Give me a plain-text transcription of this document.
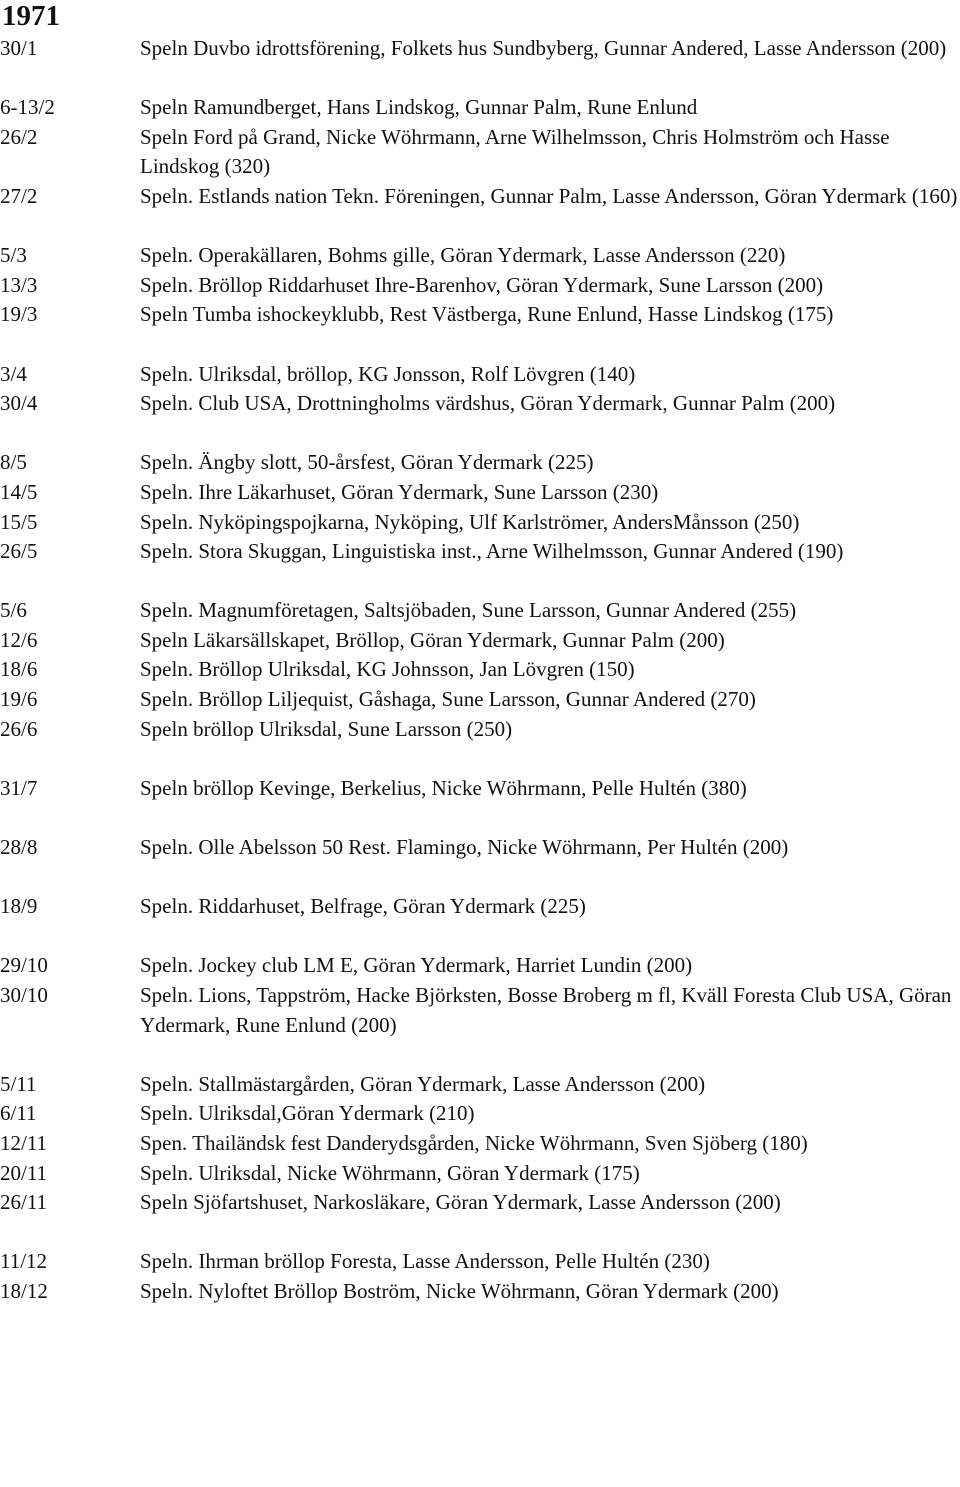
1971
30/1	Speln Duvbo idrottsförening, Folkets hus Sundbyberg, Gunnar Andered, Lasse Andersson (200)
6-13/2	Speln Ramundberget, Hans Lindskog, Gunnar Palm, Rune Enlund
26/2	Speln Ford på Grand, Nicke Wöhrmann, Arne Wilhelmsson, Chris Holmström och Hasse Lindskog (320)
27/2	Speln. Estlands nation Tekn. Föreningen, Gunnar Palm, Lasse Andersson, Göran Ydermark (160)
5/3	Speln. Operakällaren, Bohms gille, Göran Ydermark, Lasse Andersson (220)
13/3	Speln. Bröllop Riddarhuset Ihre-Barenhov, Göran Ydermark, Sune Larsson (200)
19/3	Speln Tumba ishockeyklubb, Rest Västberga, Rune Enlund, Hasse Lindskog (175)
3/4	Speln. Ulriksdal, bröllop, KG Jonsson, Rolf Lövgren (140)
30/4	Speln. Club USA, Drottningholms värdshus, Göran Ydermark, Gunnar Palm (200)
8/5	Speln. Ängby slott, 50-årsfest, Göran Ydermark (225)
14/5	Speln. Ihre Läkarhuset, Göran Ydermark, Sune Larsson (230)
15/5	Speln. Nyköpingspojkarna, Nyköping, Ulf Karlströmer, AndersMånsson (250)
26/5	Speln. Stora Skuggan, Linguistiska inst., Arne Wilhelmsson, Gunnar Andered (190)
5/6	Speln. Magnumföretagen, Saltsjöbaden, Sune Larsson, Gunnar Andered (255)
12/6	Speln Läkarsällskapet, Bröllop, Göran Ydermark, Gunnar Palm (200)
18/6	Speln. Bröllop Ulriksdal, KG Johnsson, Jan Lövgren (150)
19/6	Speln. Bröllop Liljequist, Gåshaga, Sune Larsson, Gunnar Andered (270)
26/6	Speln bröllop Ulriksdal, Sune Larsson (250)
31/7	Speln bröllop Kevinge, Berkelius, Nicke Wöhrmann, Pelle Hultén (380)
28/8	Speln. Olle Abelsson 50 Rest. Flamingo, Nicke Wöhrmann, Per Hultén (200)
18/9	Speln. Riddarhuset, Belfrage, Göran Ydermark (225)
29/10	Speln. Jockey club LM E, Göran Ydermark, Harriet Lundin (200)
30/10	Speln. Lions, Tappström, Hacke Björksten, Bosse Broberg m fl, Kväll Foresta Club USA, Göran Ydermark, Rune Enlund (200)
5/11	Speln. Stallmästargården, Göran Ydermark, Lasse Andersson (200)
6/11	Speln. Ulriksdal,Göran Ydermark (210)
12/11	Spen. Thailändsk fest Danderydsgården, Nicke Wöhrmann, Sven Sjöberg (180)
20/11	Speln. Ulriksdal, Nicke Wöhrmann, Göran Ydermark (175)
26/11	Speln Sjöfartshuset, Narkosläkare, Göran Ydermark, Lasse Andersson (200)
11/12	Speln. Ihrman bröllop Foresta, Lasse Andersson, Pelle Hultén (230)
18/12	Speln. Nyloftet Bröllop Boström, Nicke Wöhrmann, Göran Ydermark (200)
